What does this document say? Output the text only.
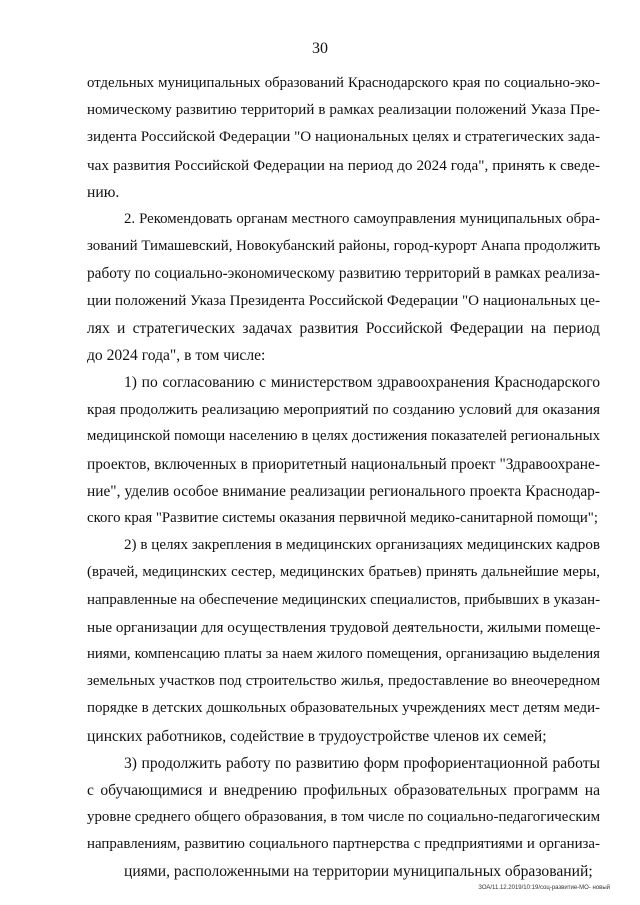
30

отдельных муниципальных образований Краснодарского края по социально-эко-
номическому развитию территорий в рамках реализации положений Указа Пре-
зидента Российской Федерации "О национальных целях и стратегических зада-
чах развития Российской Федерации на период до 2024 года", принять к сведе-
нию.

2. Рекомендовать органам местного самоуправления муниципальных обра-
зований Тимашевский, Новокубанский районы, город-курорт Анапа продолжить
работу по социально-экономическому развитию территорий в рамках реализа-
ции положений Указа Президента Российской Федерации "О национальных це-
лях и стратегических задачах развития Российской Федерации на период
до 2024 года", в том числе:

1) по согласованию с министерством здравоохранения Краснодарского
края продолжить реализацию мероприятий по созданию условий для оказания
медицинской помощи населению в целях достижения показателей региональных
проектов, включенных в приоритетный национальный проект "Здравоохране-
ние", уделив особое внимание реализации регионального проекта Краснодар-
ского края "Развитие системы оказания первичной медико-санитарной помощи";

2) в целях закрепления в медицинских организациях медицинских кадров
(врачей, медицинских сестер, медицинских братьев) принять дальнейшие меры,
направленные на обеспечение медицинских специалистов, прибывших в указан-
ные организации для осуществления трудовой деятельности, жилыми помеще-
ниями, компенсацию платы за наем жилого помещения, организацию выделения
земельных участков под строительство жилья, предоставление во внеочередном
порядке в детских дошкольных образовательных учреждениях мест детям меди-
цинских работников, содействие в трудоустройстве членов их семей;

3) продолжить работу по развитию форм профориентационной работы
с обучающимися и внедрению профильных образовательных программ на
уровне среднего общего образования, в том числе по социально-педагогическим
направлениям, развитию социального партнерства с предприятиями и организа-
циями, расположенными на территории муниципальных образований;

ЗОА/11.12.2019/10:19/соц-развитие-МО- новый
